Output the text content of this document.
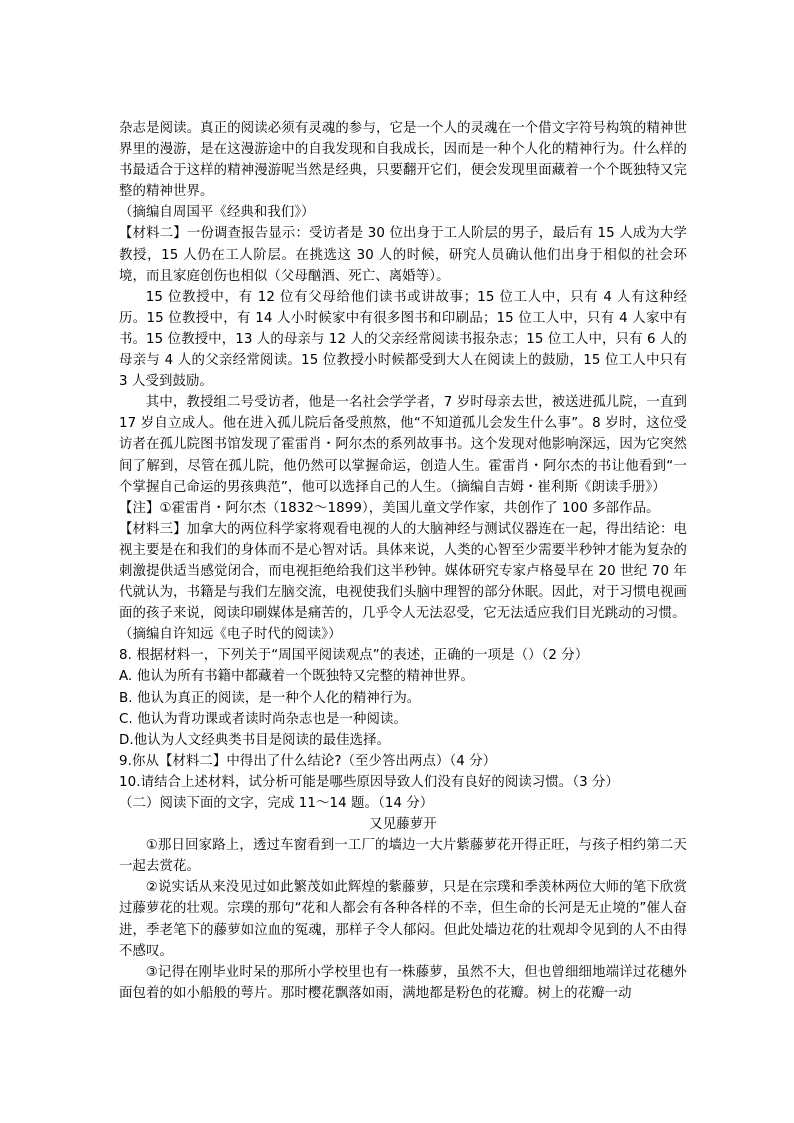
杂志是阅读。真正的阅读必须有灵魂的参与，它是一个人的灵魂在一个借文字符号构筑的精神世界里的漫游，是在这漫游途中的自我发现和自我成长，因而是一种个人化的精神行为。什么样的书最适合于这样的精神漫游呢当然是经典，只要翻开它们，便会发现里面藏着一个个既独特又完整的精神世界。

（摘编自周国平《经典和我们》）

【材料二】一份调查报告显示：受访者是 30 位出身于工人阶层的男子，最后有 15 人成为大学教授，15 人仍在工人阶层。在挑选这 30 人的时候，研究人员确认他们出身于相似的社会环境，而且家庭创伤也相似（父母酗酒、死亡、离婚等）。

15 位教授中，有 12 位有父母给他们读书或讲故事；15 位工人中，只有 4 人有这种经历。15 位教授中，有 14 人小时候家中有很多图书和印刷品；15 位工人中，只有 4 人家中有书。15 位教授中，13 人的母亲与 12 人的父亲经常阅读书报杂志；15 位工人中，只有 6 人的母亲与 4 人的父亲经常阅读。15 位教授小时候都受到大人在阅读上的鼓励，15 位工人中只有 3 人受到鼓励。

其中，教授组二号受访者，他是一名社会学学者，7 岁时母亲去世，被送进孤儿院，一直到 17 岁自立成人。他在进入孤儿院后备受煎熬，他“不知道孤儿会发生什么事”。8 岁时，这位受访者在孤儿院图书馆发现了霍雷肖・阿尔杰的系列故事书。这个发现对他影响深远，因为它突然间了解到，尽管在孤儿院，他仍然可以掌握命运，创造人生。霍雷肖・阿尔杰的书让他看到“一个掌握自己命运的男孩典范”，他可以选择自己的人生。（摘编自吉姆・崔利斯《朗读手册》）

【注】①霍雷肖・阿尔杰（1832～1899），美国儿童文学作家，共创作了 100 多部作品。

【材料三】加拿大的两位科学家将观看电视的人的大脑神经与测试仪器连在一起，得出结论：电视主要是在和我们的身体而不是心智对话。具体来说，人类的心智至少需要半秒钟才能为复杂的刺激提供适当感觉闭合，而电视拒绝给我们这半秒钟。媒体研究专家卢格曼早在 20 世纪 70 年代就认为，书籍是与我们左脑交流，电视使我们头脑中理智的部分休眠。因此，对于习惯电视画面的孩子来说，阅读印刷媒体是痛苦的，几乎令人无法忍受，它无法适应我们目光跳动的习惯。

（摘编自许知远《电子时代的阅读》）

8. 根据材料一，下列关于“周国平阅读观点”的表述，正确的一项是（）（2 分）

A. 他认为所有书籍中都藏着一个既独特又完整的精神世界。

B. 他认为真正的阅读，是一种个人化的精神行为。

C. 他认为背功课或者读时尚杂志也是一种阅读。

D.他认为人文经典类书目是阅读的最佳选择。

9.你从【材料二】中得出了什么结论?（至少答出两点）（4 分）

10.请结合上述材料，试分析可能是哪些原因导致人们没有良好的阅读习惯。（3 分）

（二）阅读下面的文字，完成 11～14 题。（14 分）

又见藤萝开

①那日回家路上，透过车窗看到一工厂的墙边一大片紫藤萝花开得正旺，与孩子相约第二天一起去赏花。

②说实话从来没见过如此繁茂如此辉煌的紫藤萝，只是在宗璞和季羡林两位大师的笔下欣赏过藤萝花的壮观。宗璞的那句“花和人都会有各种各样的不幸，但生命的长河是无止境的”催人奋进，季老笔下的藤萝如泣血的冤魂，那样子令人郁闷。但此处墙边花的壮观却令见到的人不由得不感叹。

③记得在刚毕业时呆的那所小学校里也有一株藤萝，虽然不大，但也曾细细地端详过花穗外面包着的如小船般的萼片。那时樱花飘落如雨，满地都是粉色的花瓣。树上的花瓣一动
